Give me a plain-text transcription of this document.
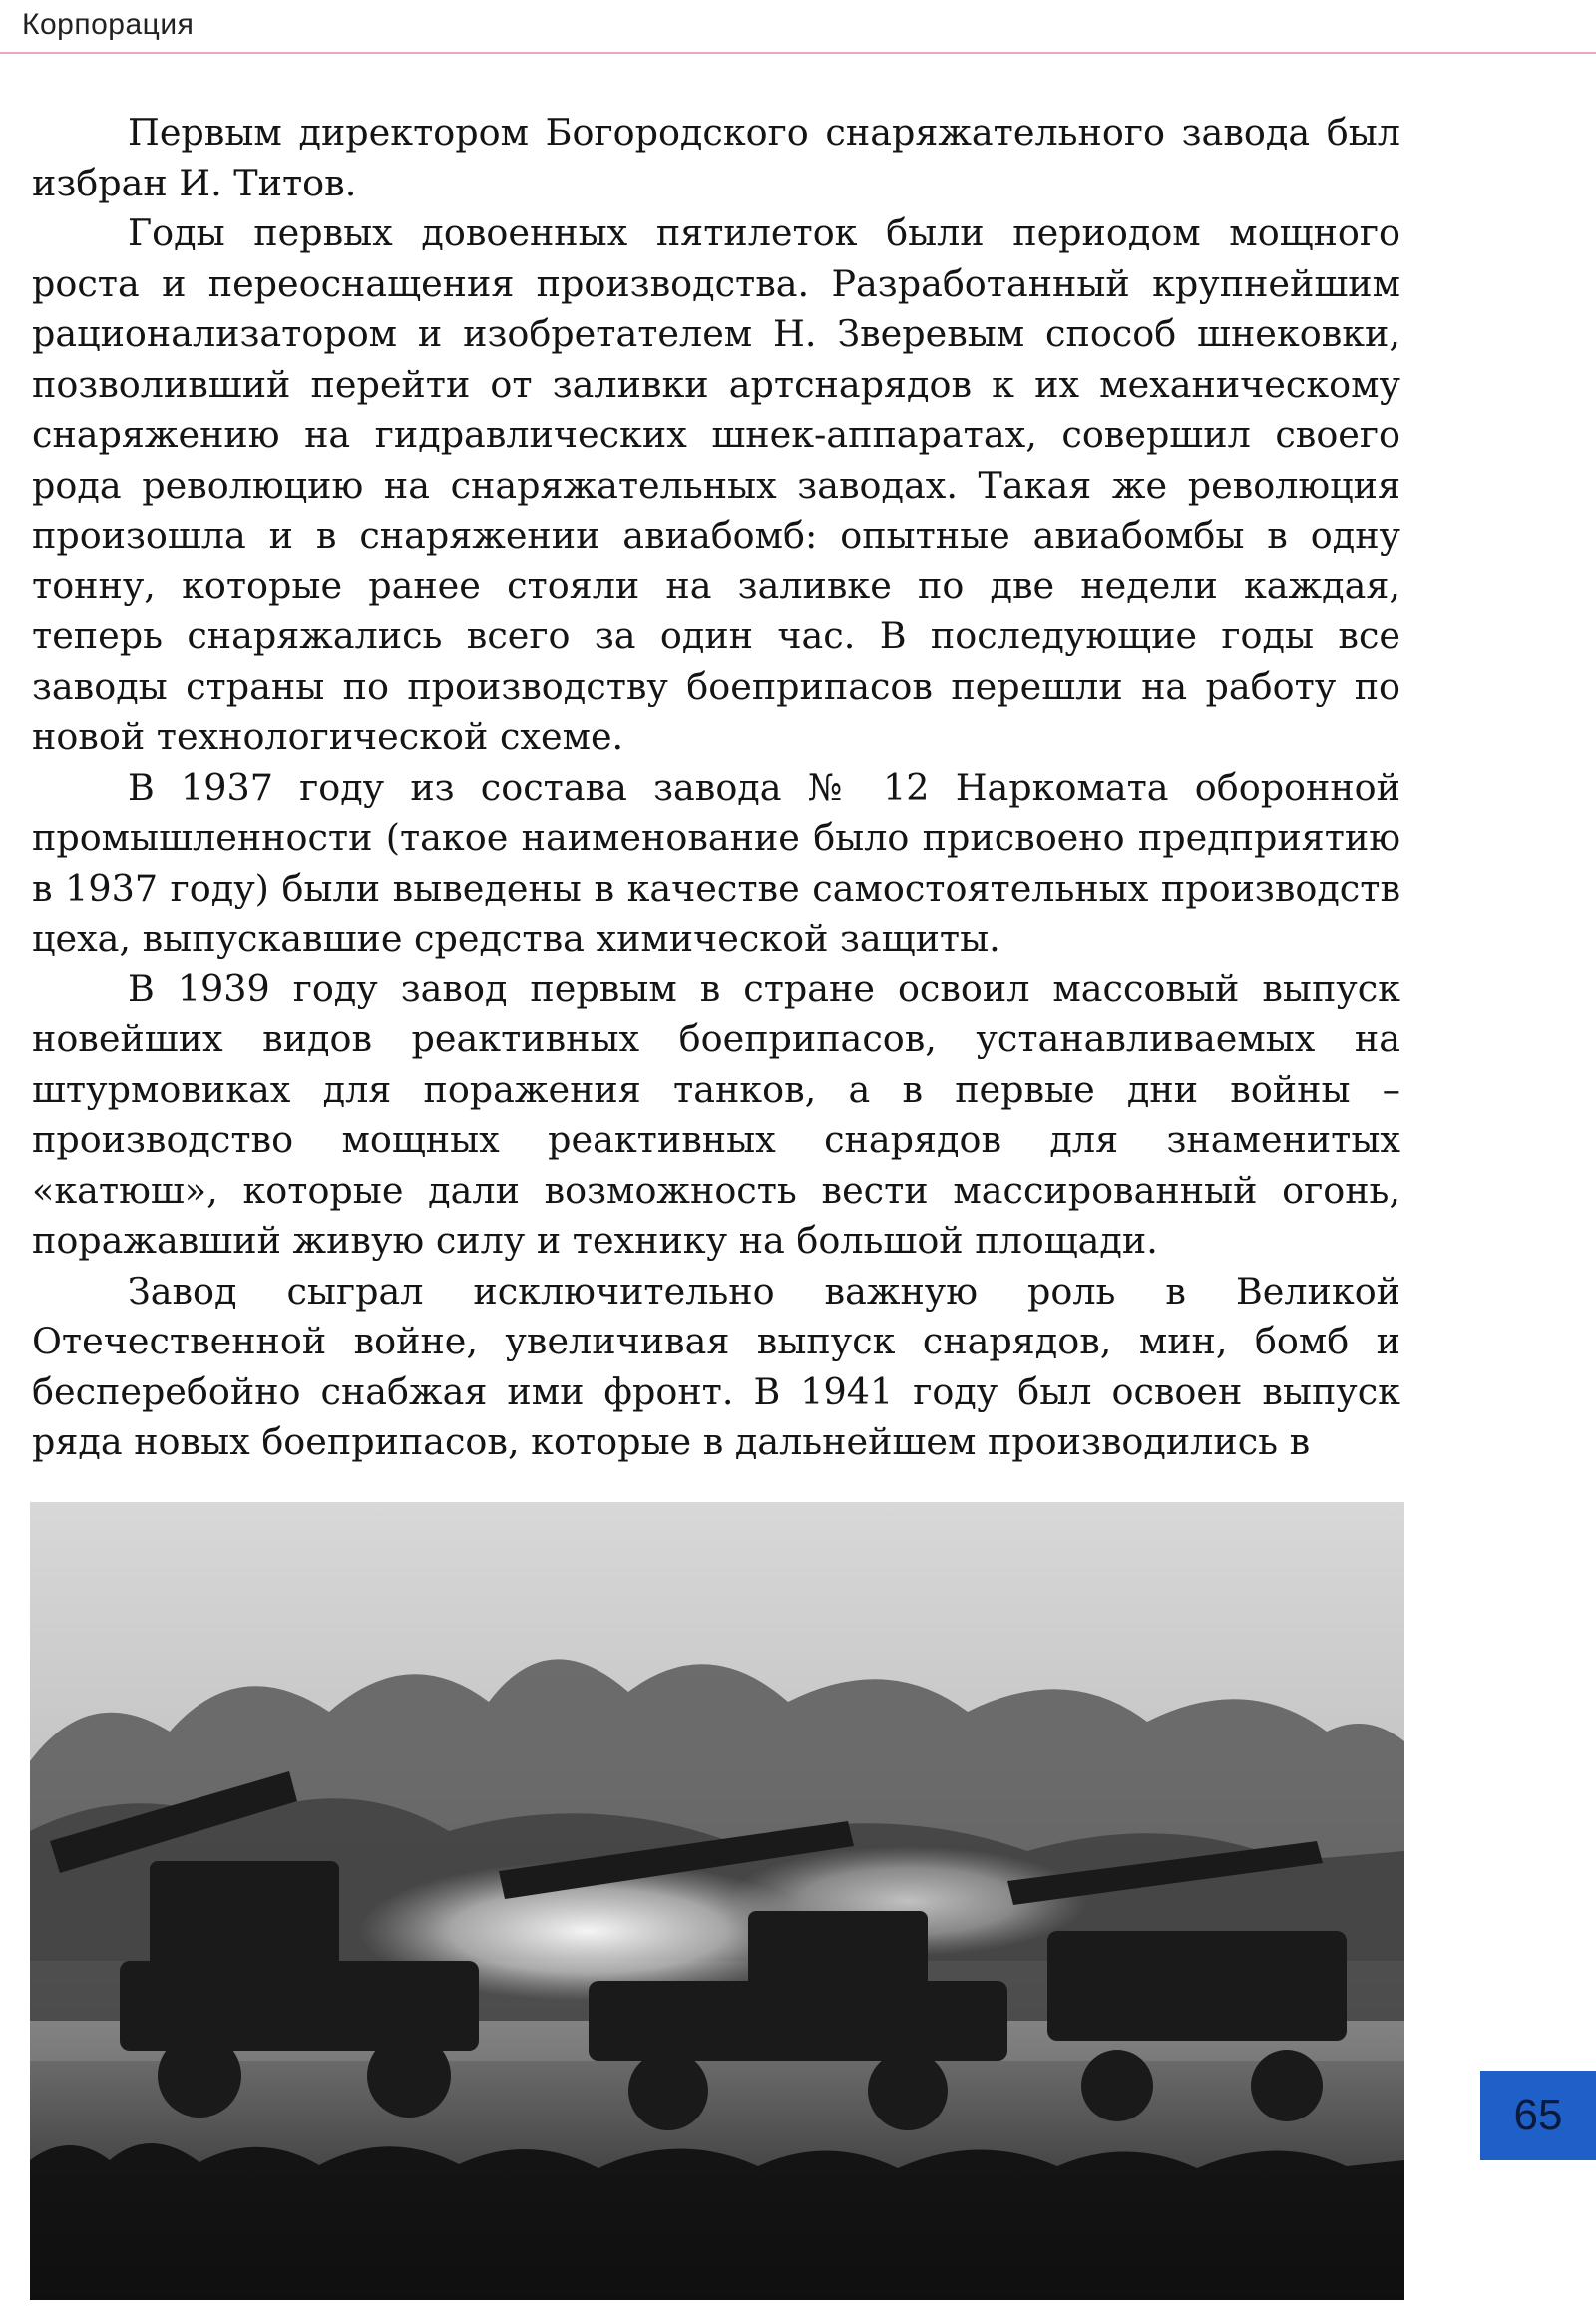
Корпорация

Первым директором Богородского снаряжательного завода был избран И. Титов.

Годы первых довоенных пятилеток были периодом мощного роста и переоснащения производства. Разработанный крупнейшим рационализатором и изобретателем Н. Зверевым способ шнековки, позволивший перейти от заливки артснарядов к их механическому снаряжению на гидравлических шнек-аппаратах, совершил своего рода революцию на снаряжательных заводах. Такая же революция произошла и в снаряжении авиабомб: опытные авиабомбы в одну тонну, которые ранее стояли на заливке по две недели каждая, теперь снаряжались всего за один час. В последующие годы все заводы страны по производству боеприпасов перешли на работу по новой технологической схеме.

В 1937 году из состава завода № 12 Наркомата оборонной промышленности (такое наименование было присвоено предприятию в 1937 году) были выведены в качестве самостоятельных производств цеха, выпускавшие средства химической защиты.

В 1939 году завод первым в стране освоил массовый выпуск новейших видов реактивных боеприпасов, устанавливаемых на штурмовиках для поражения танков, а в первые дни войны – производство мощных реактивных снарядов для знаменитых «катюш», которые дали возможность вести массированный огонь, поражавший живую силу и технику на большой площади.

Завод сыграл исключительно важную роль в Великой Отечественной войне, увеличивая выпуск снарядов, мин, бомб и бесперебойно снабжая ими фронт. В 1941 году был освоен выпуск ряда новых боеприпасов, которые в дальнейшем производились в

65
